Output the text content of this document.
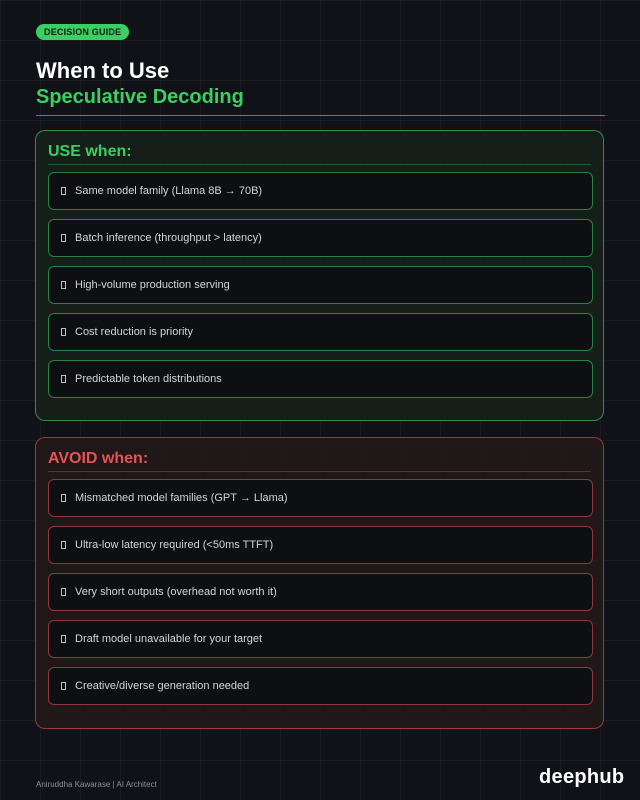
DECISION GUIDE
When to Use
Speculative Decoding
USE when:
Same model family (Llama 8B → 70B)
Batch inference (throughput > latency)
High-volume production serving
Cost reduction is priority
Predictable token distributions
AVOID when:
Mismatched model families (GPT → Llama)
Ultra-low latency required (<50ms TTFT)
Very short outputs (overhead not worth it)
Draft model unavailable for your target
Creative/diverse generation needed
Aniruddha Kawarase | AI Architect	deephub
